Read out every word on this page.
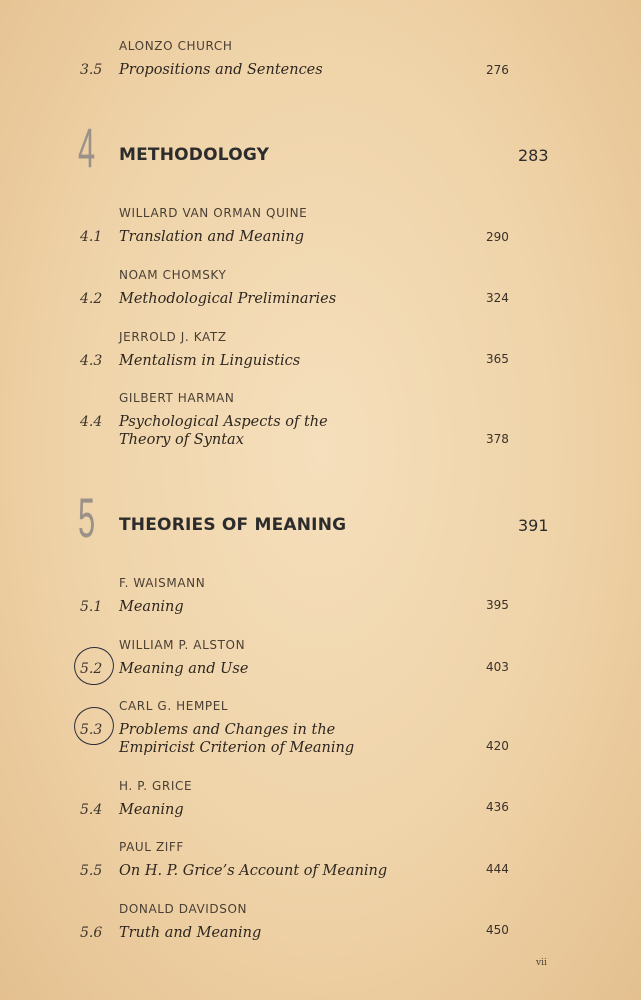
ALONZO CHURCH
3.5 Propositions and Sentences	276
4 METHODOLOGY	283
WILLARD VAN ORMAN QUINE
4.1 Translation and Meaning	290
NOAM CHOMSKY
4.2 Methodological Preliminaries	324
JERROLD J. KATZ
4.3 Mentalism in Linguistics	365
GILBERT HARMAN
4.4 Psychological Aspects of the
Theory of Syntax	378
5 THEORIES OF MEANING	391
F. WAISMANN
5.1 Meaning	395
WILLIAM P. ALSTON
5.2 Meaning and Use	403
CARL G. HEMPEL
5.3 Problems and Changes in the
Empiricist Criterion of Meaning	420
H. P. GRICE
5.4 Meaning	436
PAUL ZIFF
5.5 On H. P. Grice’s Account of Meaning	444
DONALD DAVIDSON
5.6 Truth and Meaning	450
vii
